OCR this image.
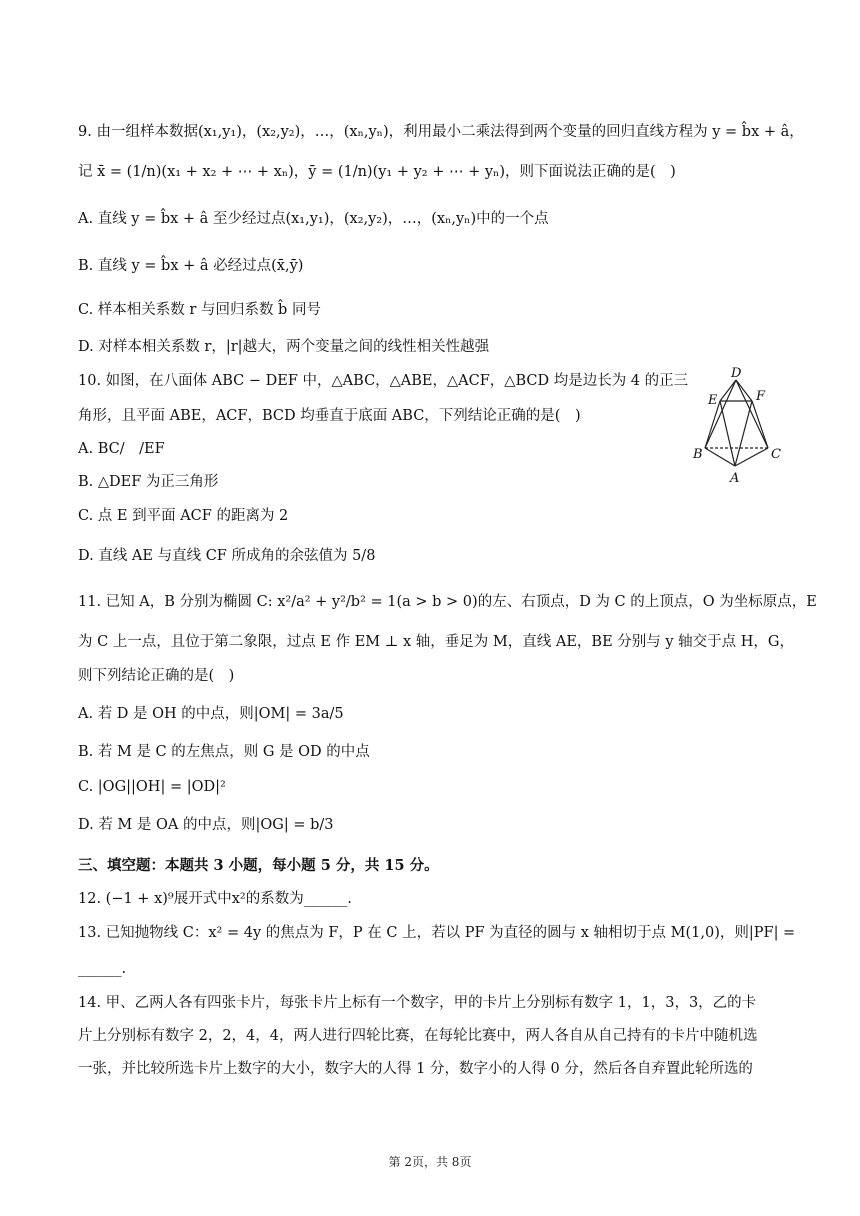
9. 由一组样本数据(x₁,y₁)，(x₂,y₂)，…，(xₙ,yₙ)，利用最小二乘法得到两个变量的回归直线方程为 y = b̂x + â，
记 x̄ = (1/n)(x₁ + x₂ + ⋯ + xₙ)，ȳ = (1/n)(y₁ + y₂ + ⋯ + yₙ)，则下面说法正确的是(　)
A. 直线 y = b̂x + â 至少经过点(x₁,y₁)，(x₂,y₂)，…，(xₙ,yₙ)中的一个点
B. 直线 y = b̂x + â 必经过点(x̄,ȳ)
C. 样本相关系数 r 与回归系数 b̂ 同号
D. 对样本相关系数 r，|r|越大，两个变量之间的线性相关性越强
10. 如图，在八面体 ABC − DEF 中，△ABC，△ABE，△ACF，△BCD 均是边长为 4 的正三
角形，且平面 ABE，ACF，BCD 均垂直于底面 ABC，下列结论正确的是(　)
A. BC/　/EF
B. △DEF 为正三角形
C. 点 E 到平面 ACF 的距离为 2
D. 直线 AE 与直线 CF 所成角的余弦值为 5/8
11. 已知 A，B 分别为椭圆 C: x²/a² + y²/b² = 1(a > b > 0)的左、右顶点，D 为 C 的上顶点，O 为坐标原点，E
为 C 上一点，且位于第二象限，过点 E 作 EM ⊥ x 轴，垂足为 M，直线 AE，BE 分别与 y 轴交于点 H，G，
则下列结论正确的是(　)
A. 若 D 是 OH 的中点，则|OM| = 3a/5
B. 若 M 是 C 的左焦点，则 G 是 OD 的中点
C. |OG||OH| = |OD|²
D. 若 M 是 OA 的中点，则|OG| = b/3
三、填空题：本题共 3 小题，每小题 5 分，共 15 分。
12. (−1 + x)⁹展开式中x²的系数为______.
13. 已知抛物线 C：x² = 4y 的焦点为 F，P 在 C 上，若以 PF 为直径的圆与 x 轴相切于点 M(1,0)，则|PF| =
______.
14. 甲、乙两人各有四张卡片，每张卡片上标有一个数字，甲的卡片上分别标有数字 1，1，3，3，乙的卡
片上分别标有数字 2，2，4，4，两人进行四轮比赛，在每轮比赛中，两人各自从自己持有的卡片中随机选
一张，并比较所选卡片上数字的大小，数字大的人得 1 分，数字小的人得 0 分，然后各自弃置此轮所选的
D
E	F
B	C
A
第 2页，共 8页
